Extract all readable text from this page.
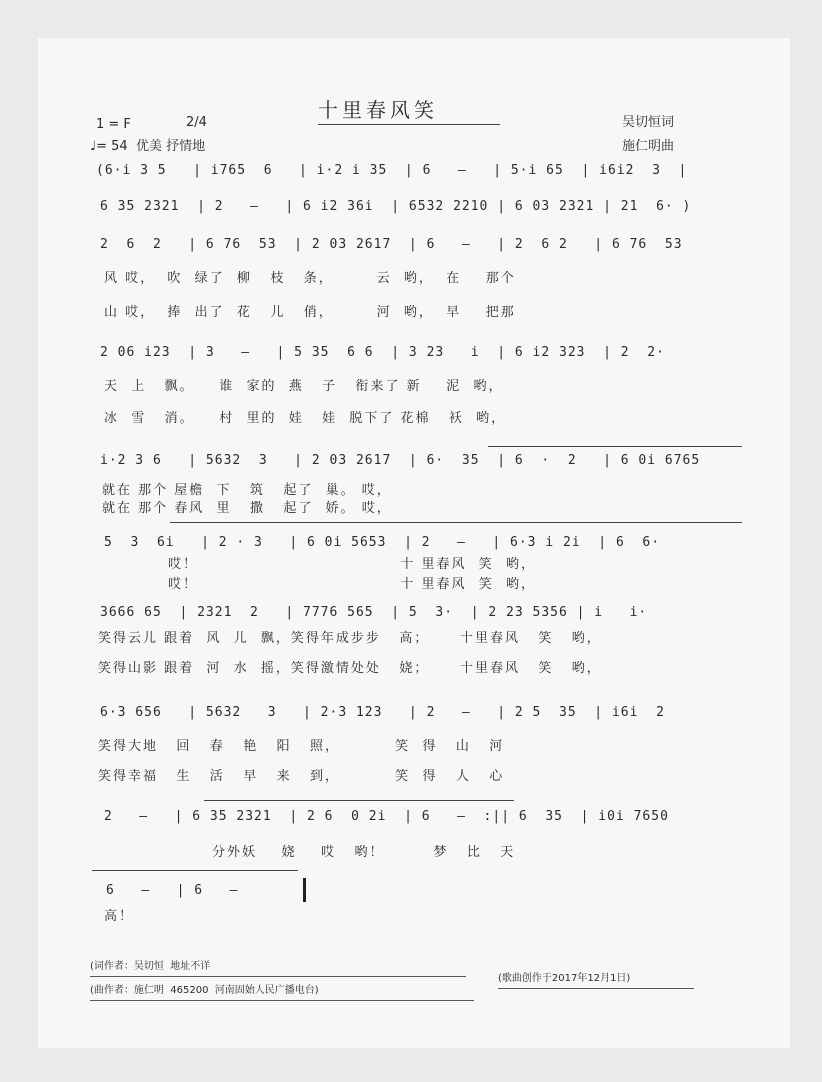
十里春风笑
1 = F	2/4
♩= 54  优美 抒情地
吴切恒词
施仁明曲
(6·i 3 5   | i765  6   | i·2 i 35  | 6   —   | 5·i 65  | i6i2  3  |
6 35 2321  | 2   —   | 6 i2 36i  | 6532 2210 | 6 03 2321 | 21  6· )
2  6  2   | 6 76  53  | 2 03 2617  | 6   —   | 2  6 2   | 6 76  53
风 哎，  吹  绿了  柳   枝   条，       云  哟，  在    那个
山 哎，  捧  出了  花   儿   俏，       河  哟，  早    把那
2 06 i23  | 3   —   | 5 35  6 6  | 3 23   i  | 6 i2 323  | 2  2·
天  上   飘。    谁  家的  燕   子   衔来了 新    泥  哟，
冰  雪   消。    村  里的  娃   娃  脱下了 花棉   袄  哟，
i·2 3 6   | 5632  3   | 2 03 2617  | 6·  35  | 6  ·  2   | 6 0i 6765
就在 那个 屋檐  下   筑   起了  巢。 哎，
就在 那个 春风  里   撒   起了  娇。 哎，
5  3  6i   | 2 · 3   | 6 0i 5653  | 2   —   | 6·3 i 2i  | 6  6·
哎！                                 十 里春风  笑  哟，
哎！                                 十 里春风  笑  哟，
3666 65  | 2321  2   | 7776 565  | 5  3·  | 2 23 5356 | i   i·
笑得云儿 跟着  风  儿  飘，笑得年成步步   高；     十里春风   笑   哟，
笑得山影 跟着  河  水  摇，笑得激情处处   娆；     十里春风   笑   哟，
6·3 656   | 5632   3   | 2·3 123   | 2   —   | 2 5  35  | i6i  2
笑得大地   回   春   艳   阳   照，         笑  得   山   河
笑得幸福   生   活   早   来   到，         笑  得   人   心
2   —   | 6 35 2321  | 2 6  0 2i  | 6   —  :|| 6  35  | i0i 7650
分外妖    娆    哎   哟！        梦   比   天
6   —   | 6   —
高！
(词作者：吴切恒  地址不详
(曲作者：施仁明  465200  河南固始人民广播电台)
(歌曲创作于2017年12月1日)
